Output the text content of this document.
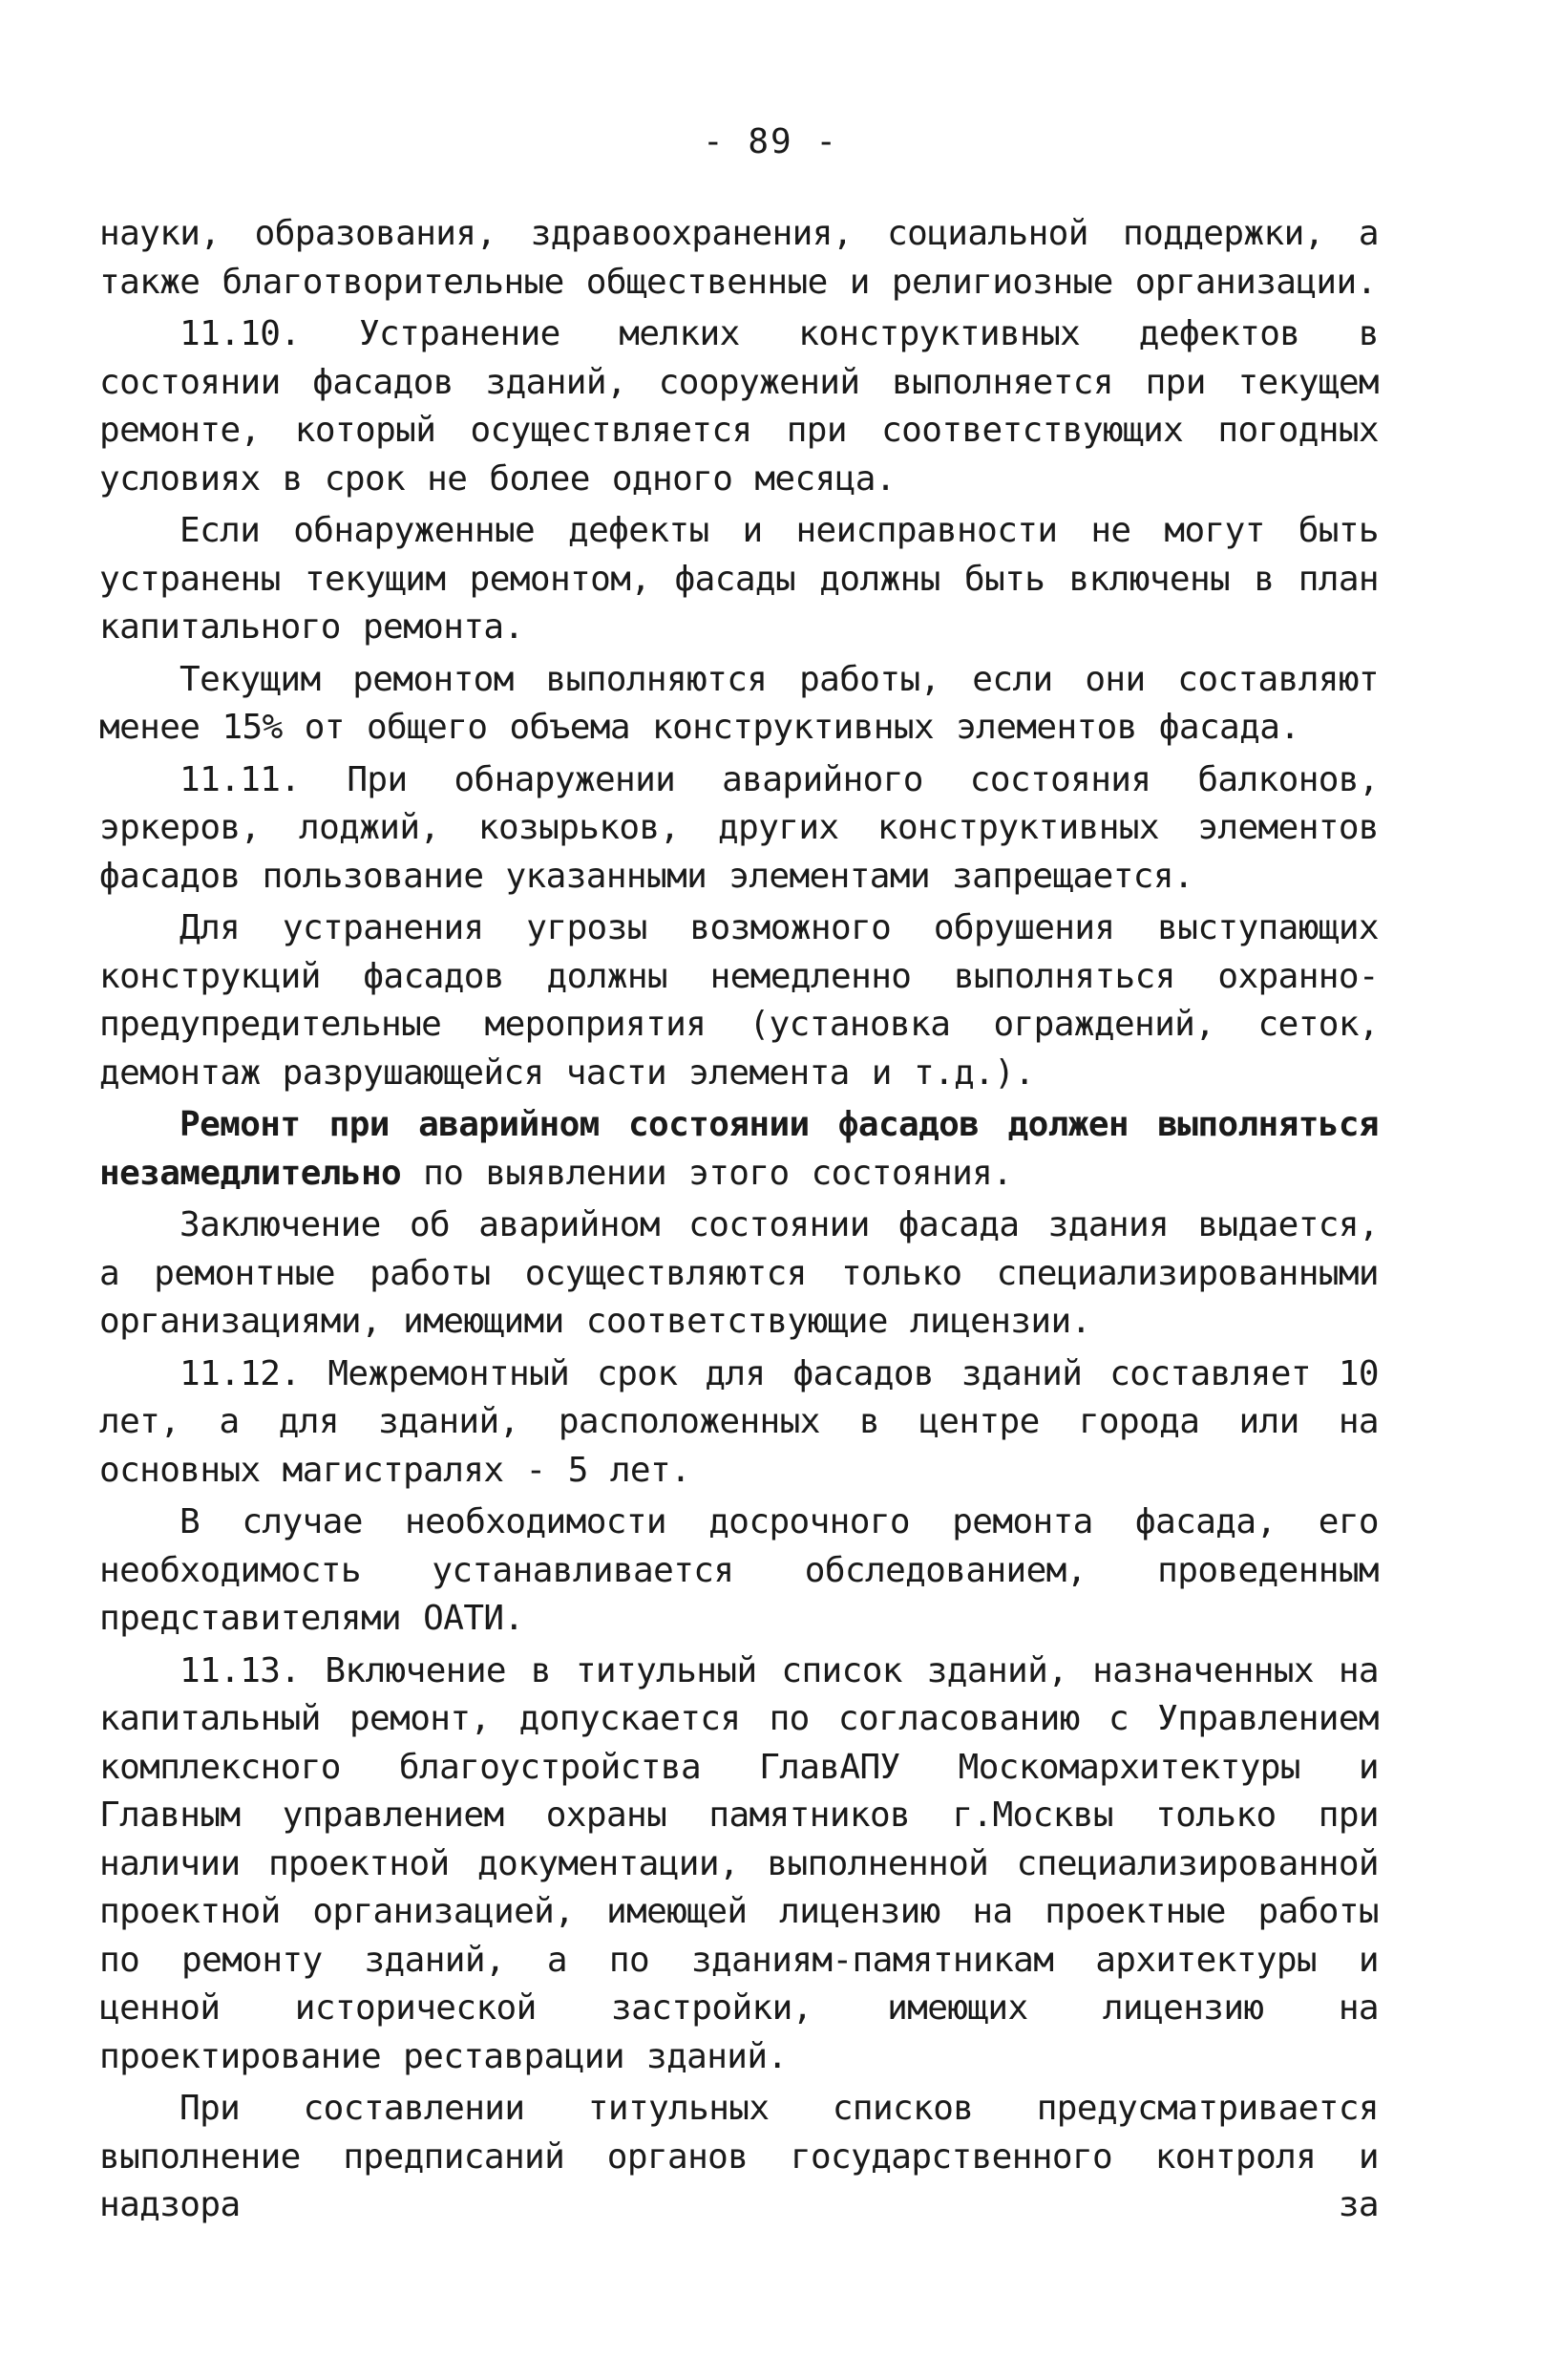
- 89 -

науки, образования, здравоохранения, социальной поддержки, а также благотворительные общественные и религиозные организации.

11.10. Устранение мелких конструктивных дефектов в состоянии фасадов зданий, сооружений выполняется при текущем ремонте, который осуществляется при соответствующих погодных условиях в срок не более одного месяца.

Если обнаруженные дефекты и неисправности не могут быть устранены текущим ремонтом, фасады должны быть включены в план капитального ремонта.

Текущим ремонтом выполняются работы, если они составляют менее 15% от общего объема конструктивных элементов фасада.

11.11. При обнаружении аварийного состояния балконов, эркеров, лоджий, козырьков, других конструктивных элементов фасадов пользование указанными элементами запрещается.

Для устранения угрозы возможного обрушения выступающих конструкций фасадов должны немедленно выполняться охранно-предупредительные мероприятия (установка ограждений, сеток, демонтаж разрушающейся части элемента и т.д.).

Ремонт при аварийном состоянии фасадов должен выполняться незамедлительно по выявлении этого состояния.

Заключение об аварийном состоянии фасада здания выдается, а ремонтные работы осуществляются только специализированными организациями, имеющими соответствующие лицензии.

11.12. Межремонтный срок для фасадов зданий составляет 10 лет, а для зданий, расположенных в центре города или на основных магистралях - 5 лет.

В случае необходимости досрочного ремонта фасада, его необходимость устанавливается обследованием, проведенным представителями ОАТИ.

11.13. Включение в титульный список зданий, назначенных на капитальный ремонт, допускается по согласованию с Управлением комплексного благоустройства ГлавАПУ Москомархитектуры и Главным управлением охраны памятников г.Москвы только при наличии проектной документации, выполненной специализированной проектной организацией, имеющей лицензию на проектные работы по ремонту зданий, а по зданиям-памятникам архитектуры и ценной исторической застройки, имеющих лицензию на проектирование реставрации зданий.

При составлении титульных списков предусматривается выполнение предписаний органов государственного контроля и надзора за
